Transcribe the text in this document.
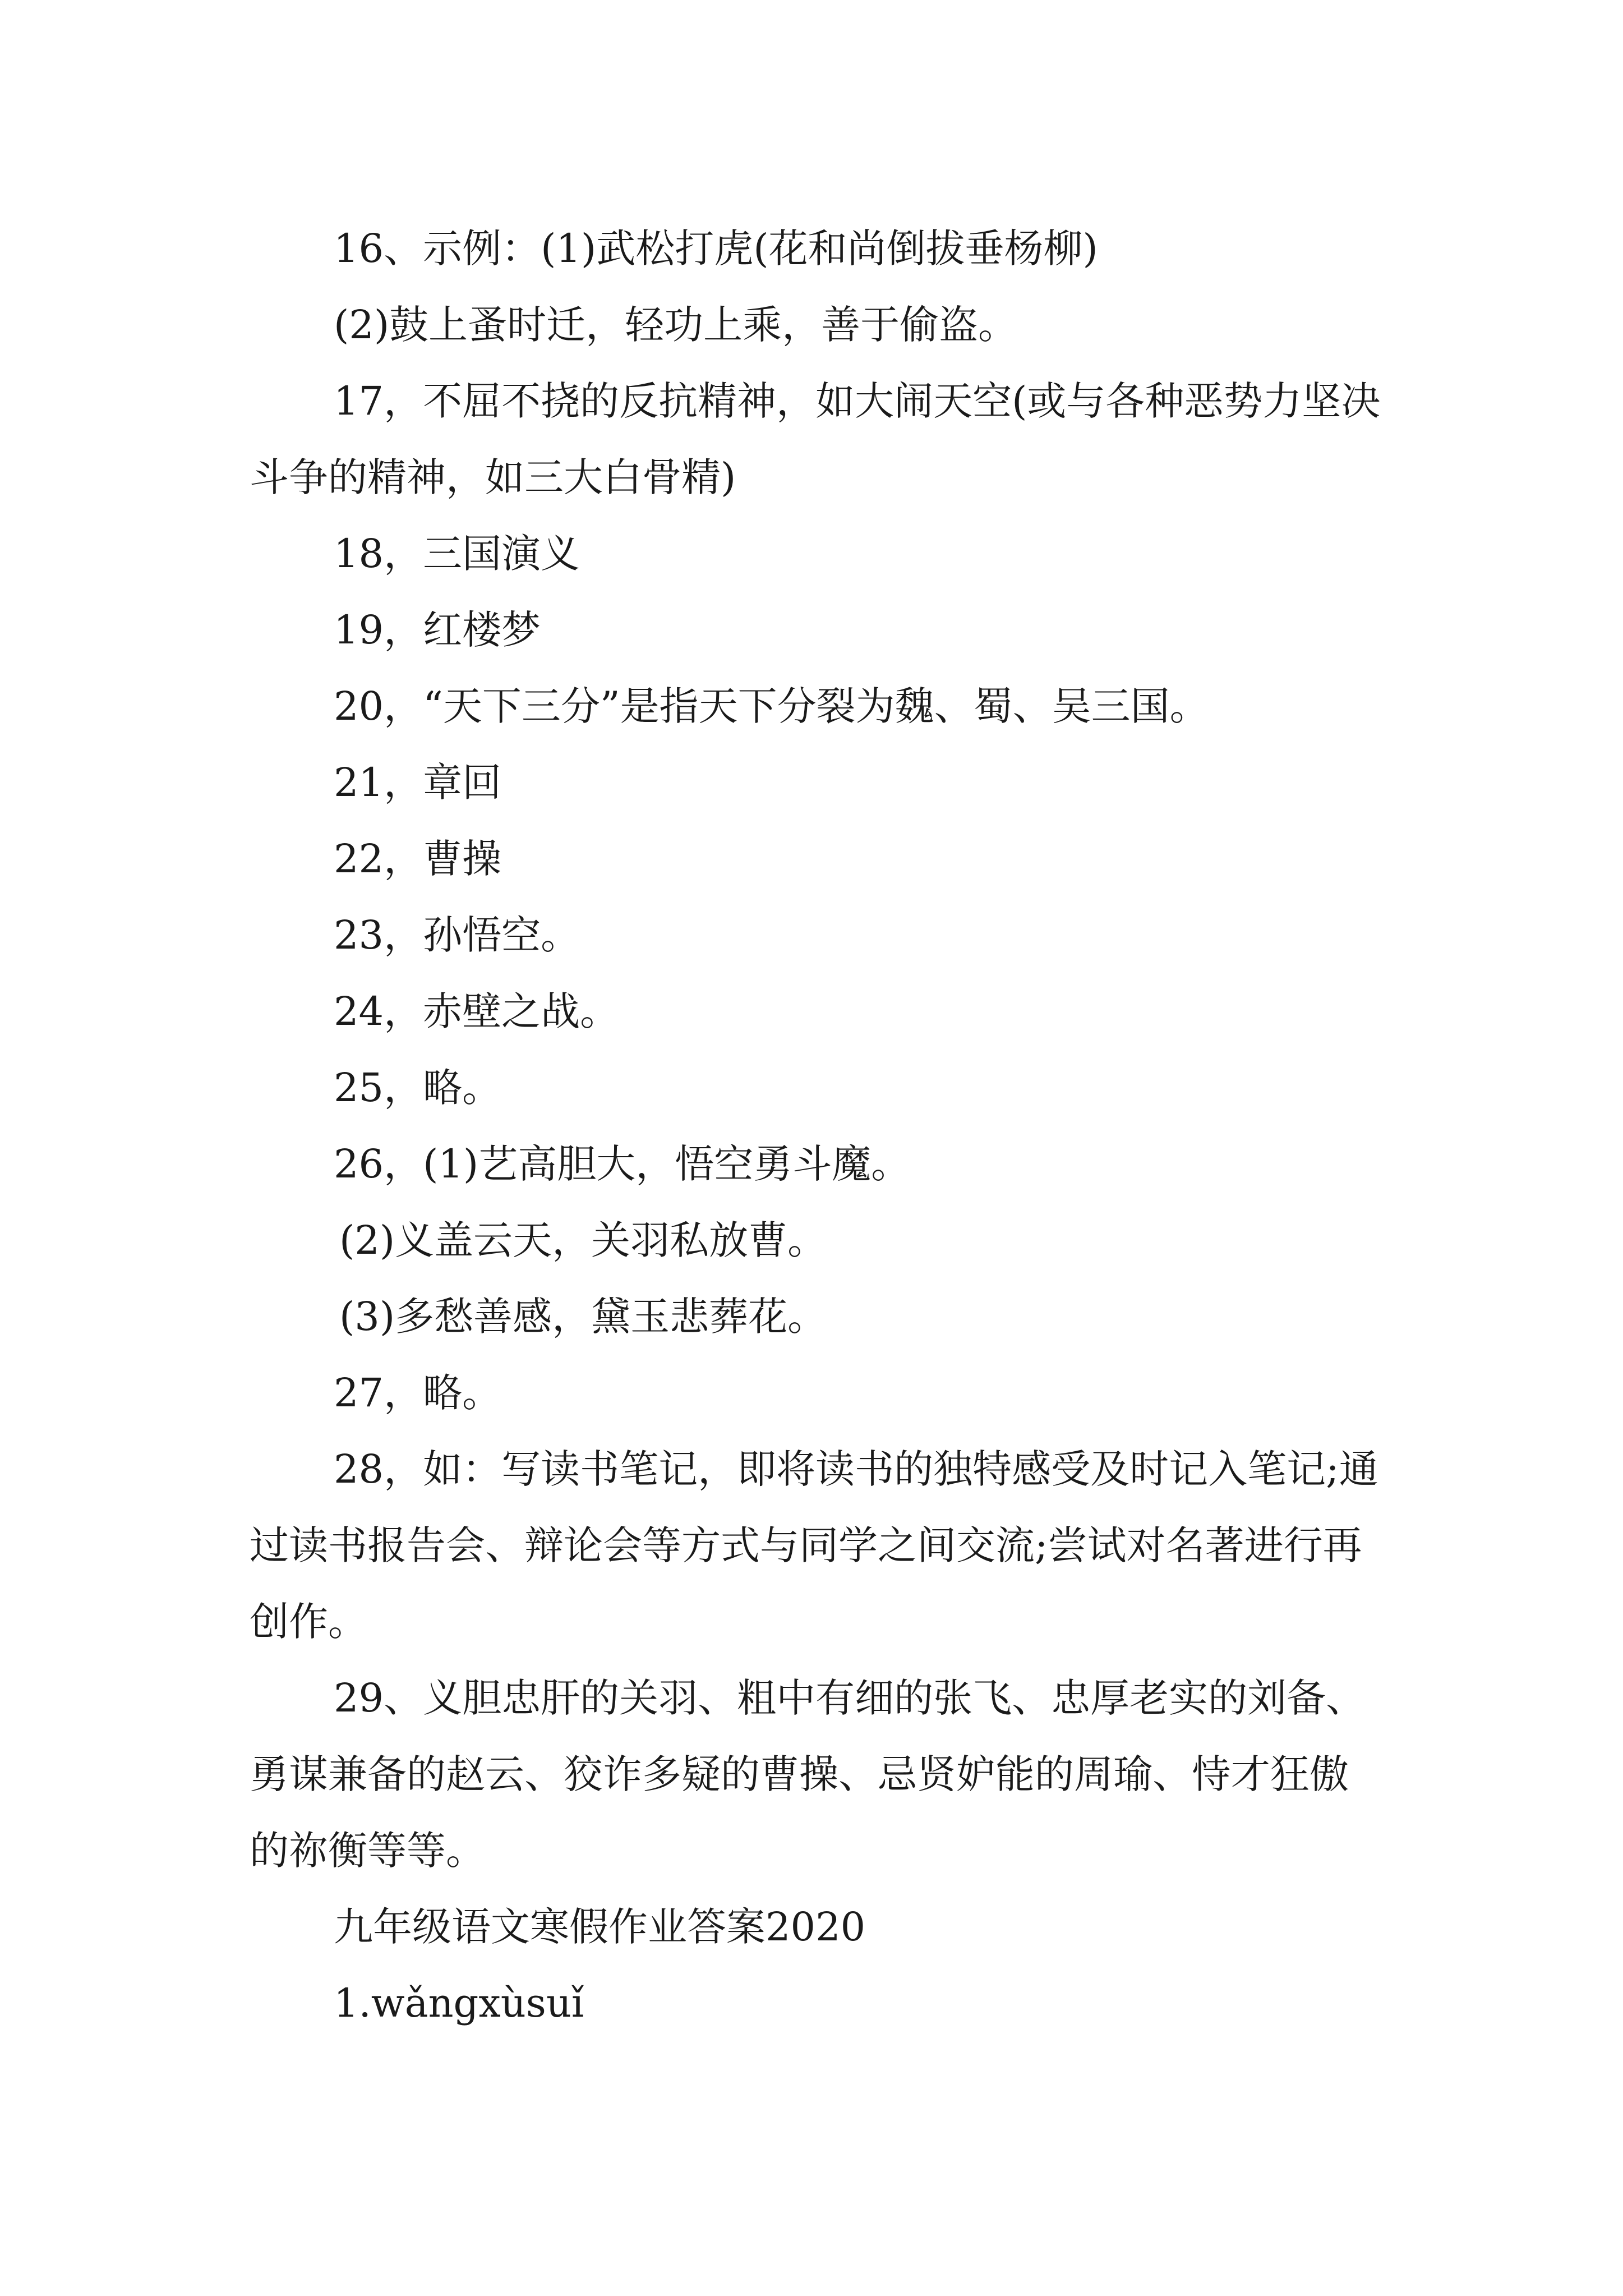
16、示例：(1)武松打虎(花和尚倒拔垂杨柳)

(2)鼓上蚤时迁，轻功上乘，善于偷盗。

17，不屈不挠的反抗精神，如大闹天空(或与各种恶势力坚决斗争的精神，如三大白骨精)

18，三国演义

19，红楼梦

20，“天下三分”是指天下分裂为魏、蜀、吴三国。

21，章回

22，曹操

23，孙悟空。

24，赤壁之战。

25，略。

26，(1)艺高胆大，悟空勇斗魔。

(2)义盖云天，关羽私放曹。

(3)多愁善感，黛玉悲葬花。

27，略。

28，如：写读书笔记，即将读书的独特感受及时记入笔记;通过读书报告会、辩论会等方式与同学之间交流;尝试对名著进行再创作。

29、义胆忠肝的关羽、粗中有细的张飞、忠厚老实的刘备、勇谋兼备的赵云、狡诈多疑的曹操、忌贤妒能的周瑜、恃才狂傲的祢衡等等。

九年级语文寒假作业答案2020

1.wǎngxùsuǐ
